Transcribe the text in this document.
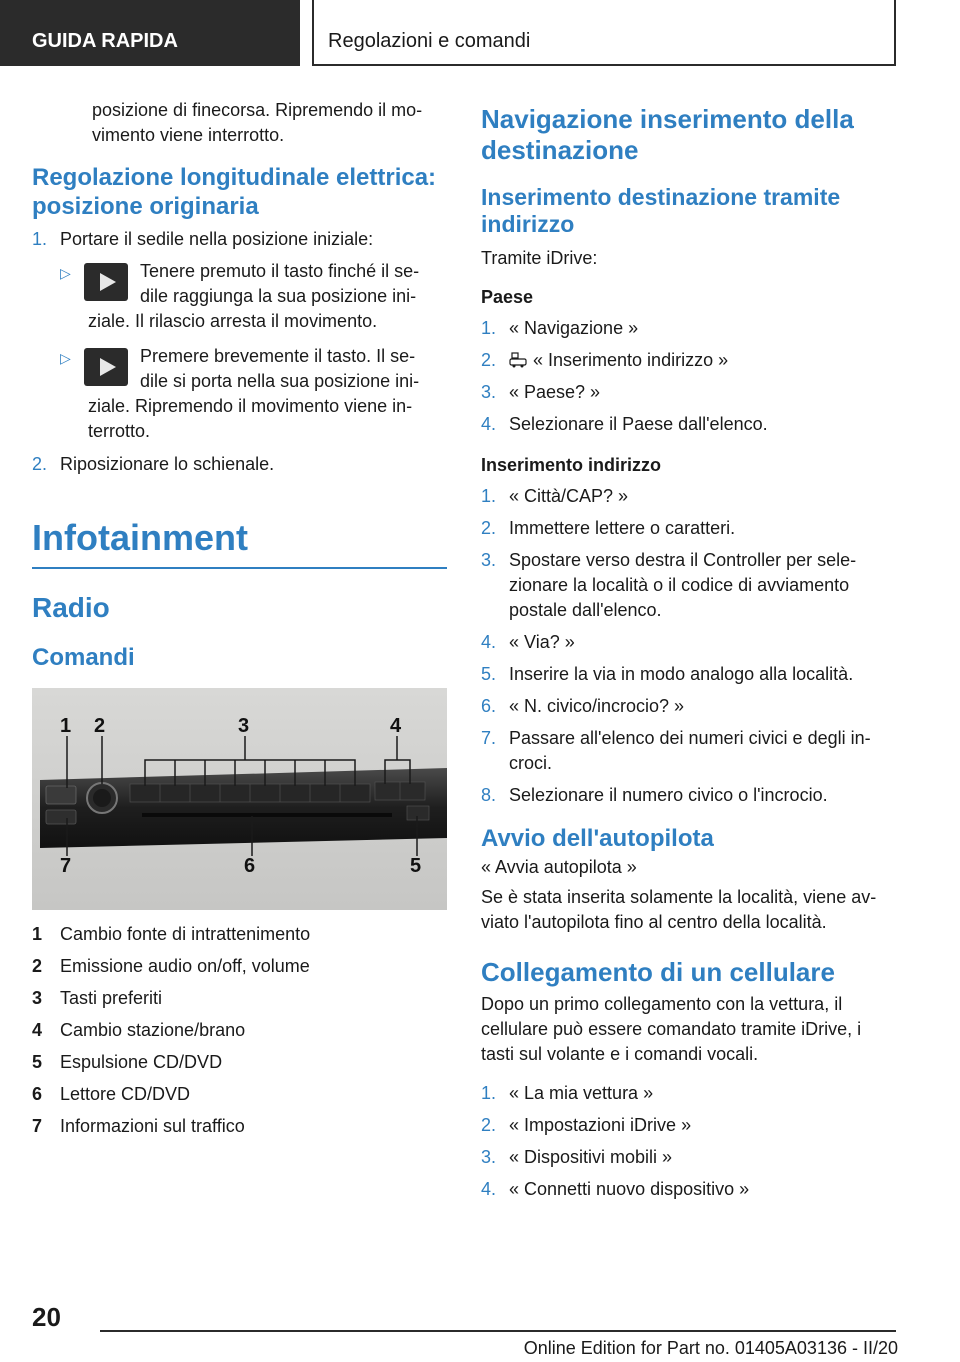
GUIDA RAPIDA	Regolazioni e comandi

posizione di finecorsa. Ripremendo il mo-

vimento viene interrotto.

Regolazione longitudinale elettrica:
posizione originaria
1. Portare il sedile nella posizione iniziale:
▷	Tenere premuto il tasto finché il se-
dile raggiunga la sua posizione ini-
ziale. Il rilascio arresta il movimento.
▷	Premere brevemente il tasto. Il se-
dile si porta nella sua posizione ini-
ziale. Ripremendo il movimento viene in-
terrotto.
2. Riposizionare lo schienale.
Infotainment
Radio
Comandi
1 2	3	4
5
6
7
1 Cambio fonte di intrattenimento
2 Emissione audio on/off, volume
3 Tasti preferiti
4 Cambio stazione/brano
5 Espulsione CD/DVD
6 Lettore CD/DVD
7 Informazioni sul traffico
Navigazione inserimento della
destinazione
Inserimento destinazione tramite
indirizzo

Tramite iDrive:

Paese

1. « Navigazione »
2. « Inserimento indirizzo »
3. « Paese? »
4. Selezionare il Paese dall'elenco.

Inserimento indirizzo

1. « Città/CAP? »
2. Immettere lettere o caratteri.
3. Spostare verso destra il Controller per sele-
zionare la località o il codice di avviamento
postale dall'elenco.
4. « Via? »
5. Inserire la via in modo analogo alla località.
6. « N. civico/incrocio? »
7. Passare all'elenco dei numeri civici e degli in-
croci.
8. Selezionare il numero civico o l'incrocio.
Avvio dell'autopilota

« Avvia autopilota »

Se è stata inserita solamente la località, viene av-

viato l'autopilota fino al centro della località.

Collegamento di un cellulare

Dopo un primo collegamento con la vettura, il

cellulare può essere comandato tramite iDrive, i

tasti sul volante e i comandi vocali.

1. « La mia vettura »
2. « Impostazioni iDrive »
3. « Dispositivi mobili »
4. « Connetti nuovo dispositivo »
20
Online Edition for Part no. 01405A03136 - II/20
